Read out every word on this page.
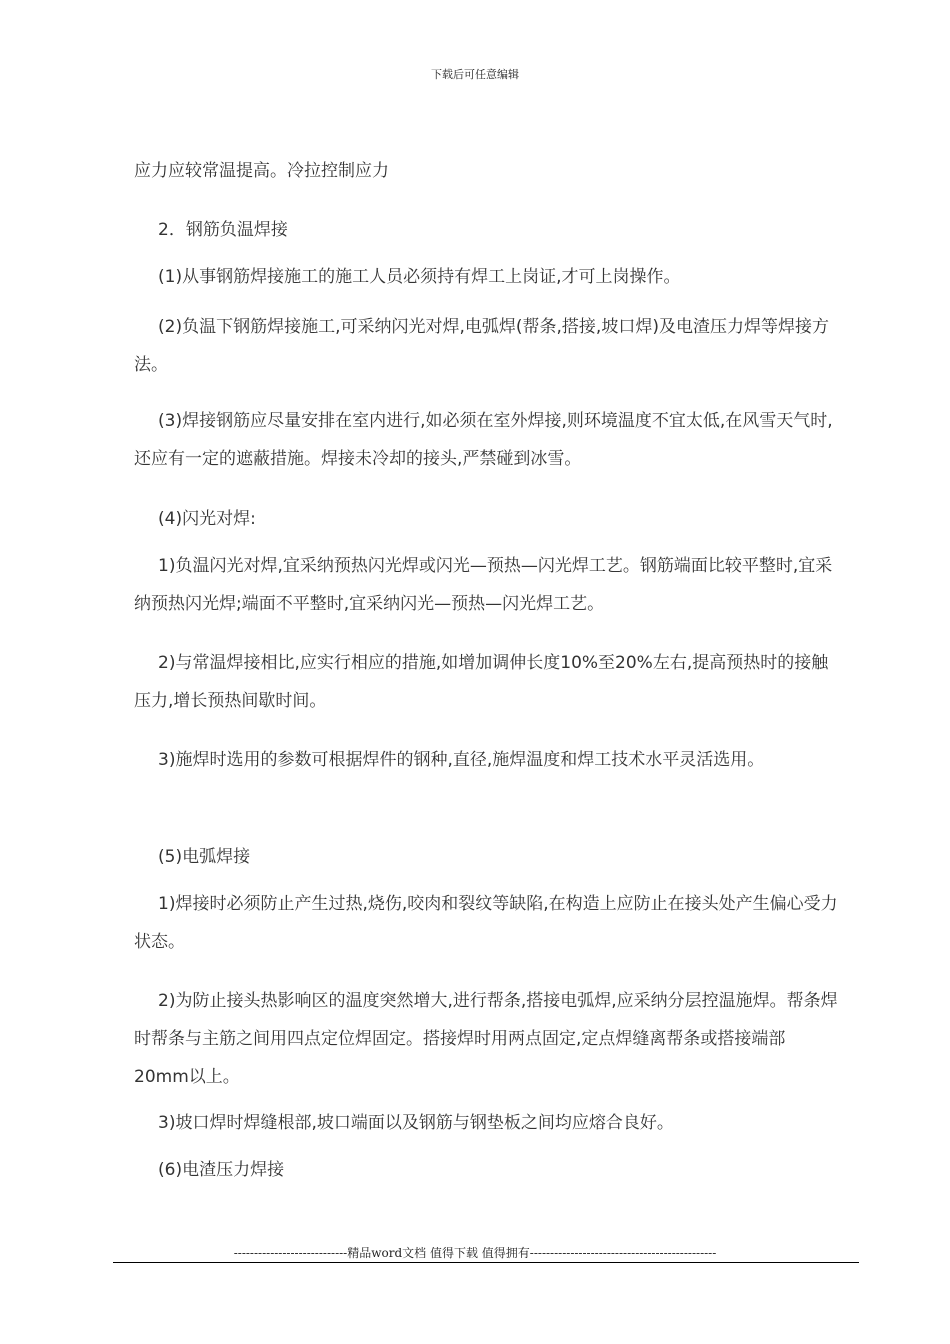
下载后可任意编辑
应力应较常温提高。冷拉控制应力
2．钢筋负温焊接
(1)从事钢筋焊接施工的施工人员必须持有焊工上岗证,才可上岗操作。
(2)负温下钢筋焊接施工,可采纳闪光对焊,电弧焊(帮条,搭接,坡口焊)及电渣压力焊等焊接方法。
(3)焊接钢筋应尽量安排在室内进行,如必须在室外焊接,则环境温度不宜太低,在风雪天气时,还应有一定的遮蔽措施。焊接未冷却的接头,严禁碰到冰雪。
(4)闪光对焊:
1)负温闪光对焊,宜采纳预热闪光焊或闪光—预热—闪光焊工艺。钢筋端面比较平整时,宜采纳预热闪光焊;端面不平整时,宜采纳闪光—预热—闪光焊工艺。
2)与常温焊接相比,应实行相应的措施,如增加调伸长度10%至20%左右,提高预热时的接触压力,增长预热间歇时间。
3)施焊时选用的参数可根据焊件的钢种,直径,施焊温度和焊工技术水平灵活选用。
(5)电弧焊接
1)焊接时必须防止产生过热,烧伤,咬肉和裂纹等缺陷,在构造上应防止在接头处产生偏心受力状态。
2)为防止接头热影响区的温度突然增大,进行帮条,搭接电弧焊,应采纳分层控温施焊。帮条焊时帮条与主筋之间用四点定位焊固定。搭接焊时用两点固定,定点焊缝离帮条或搭接端部20mm以上。
3)坡口焊时焊缝根部,坡口端面以及钢筋与钢垫板之间均应熔合良好。
(6)电渣压力焊接
----------------------------精品word文档 值得下载 值得拥有----------------------------------------------
